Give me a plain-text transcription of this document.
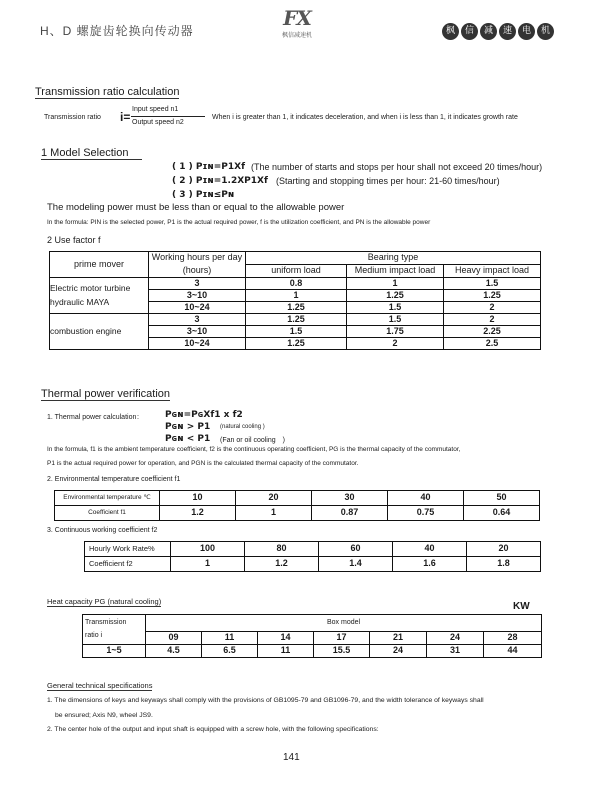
H、D 螺旋齿轮换向传动器
FX
枫信减速机	枫 信 减 速 电 机
Transmission ratio calculation
Transmission ratio i=
Input speed n1
Output speed n2
When i is greater than 1, it indicates deceleration, and when i is less than 1, it indicates growth rate
1 Model Selection
( 1 ) Pɪɴ=P1Xf (The number of starts and stops per hour shall not exceed 20 times/hour)
( 2 ) Pɪɴ=1.2XP1Xf (Starting and stopping times per hour: 21-60 times/hour)
( 3 ) Pɪɴ≤Pɴ
The modeling power must be less than or equal to the allowable power
In the formula: PIN is the selected power, P1 is the actual required power, f is the utilization coefficient, and PN is the allowable power
2 Use factor f
prime mover	Working hours per day	Bearing type		
	(hours)	uniform load	Medium impact load	Heavy impact load

Electric motor turbine
hydraulic MAYA	3	0.8	1	1.5
	3~10	1	1.25	1.25
	10~24	1.25	1.5	2
combustion engine	3	1.25	1.5	2
	3~10	1.5	1.75	2.25
	10~24	1.25	2	2.5
Thermal power verification
1. Thermal power calculation： Pɢɴ=PɢXf1 x f2
Pɢɴ > P1 (natural cooling )
Pɢɴ < P1 (Fan or oil cooling　)
In the formula, f1 is the ambient temperature coefficient, f2 is the continuous operating coefficient, PG is the thermal capacity of the commutator,
P1 is the actual required power for operation, and PGN is the calculated thermal capacity of the commutator.
2. Environmental temperature coefficient f1
Environmental temperature ℃	10	20	30	40	50
Coefficient f1	1.2	1	0.87	0.75	0.64
3. Continuous working coefficient f2
Hourly Work Rate%	100	80	60	40	20
Coefficient f2	1	1.2	1.4	1.6	1.8
Heat capacity PG (natural cooling)	KW
Transmission
ratio i	Box model						
	09	11	14	17	21	24	28
1~5	4.5	6.5	11	15.5	24	31	44
General technical specifications
1. The dimensions of keys and keyways shall comply with the provisions of GB1095-79 and GB1096-79, and the width tolerance of keyways shall
be ensured; Axis N9, wheel JS9.
2. The center hole of the output and input shaft is equipped with a screw hole, with the following specifications:
141
